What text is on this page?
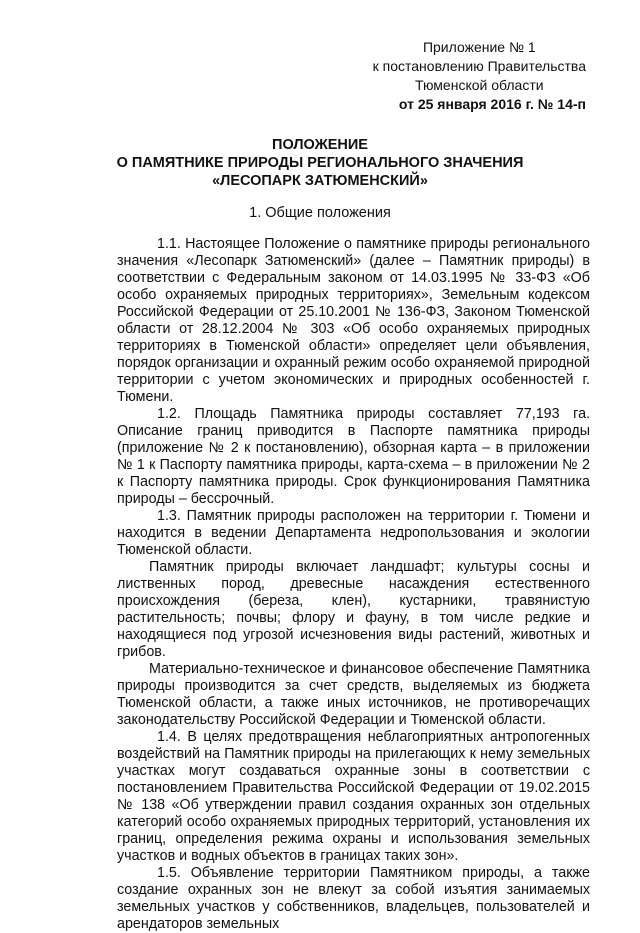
Приложение № 1
к постановлению Правительства
Тюменской области
от 25 января 2016 г. № 14-п
ПОЛОЖЕНИЕ
О ПАМЯТНИКЕ ПРИРОДЫ РЕГИОНАЛЬНОГО ЗНАЧЕНИЯ
«ЛЕСОПАРК ЗАТЮМЕНСКИЙ»
1. Общие положения

1.1. Настоящее Положение о памятнике природы регионального значения «Лесопарк Затюменский» (далее – Памятник природы) в соответствии с Федеральным законом от 14.03.1995 № 33-ФЗ «Об особо охраняемых природных территориях», Земельным кодексом Российской Федерации от 25.10.2001 № 136-ФЗ, Законом Тюменской области от 28.12.2004 № 303 «Об особо охраняемых природных территориях в Тюменской области» определяет цели объявления, порядок организации и охранный режим особо охраняемой природной территории с учетом экономических и природных особенностей г. Тюмени.

1.2. Площадь Памятника природы составляет 77,193 га. Описание границ приводится в Паспорте памятника природы (приложение № 2 к постановлению), обзорная карта – в приложении № 1 к Паспорту памятника природы, карта-схема – в приложении № 2 к Паспорту памятника природы. Срок функционирования Памятника природы – бессрочный.

1.3. Памятник природы расположен на территории г. Тюмени и находится в ведении Департамента недропользования и экологии Тюменской области.

Памятник природы включает ландшафт; культуры сосны и лиственных пород, древесные насаждения естественного происхождения (береза, клен), кустарники, травянистую растительность; почвы; флору и фауну, в том числе редкие и находящиеся под угрозой исчезновения виды растений, животных и грибов.

Материально-техническое и финансовое обеспечение Памятника природы производится за счет средств, выделяемых из бюджета Тюменской области, а также иных источников, не противоречащих законодательству Российской Федерации и Тюменской области.

1.4. В целях предотвращения неблагоприятных антропогенных воздействий на Памятник природы на прилегающих к нему земельных участках могут создаваться охранные зоны в соответствии с постановлением Правительства Российской Федерации от 19.02.2015 № 138 «Об утверждении правил создания охранных зон отдельных категорий особо охраняемых природных территорий, установления их границ, определения режима охраны и использования земельных участков и водных объектов в границах таких зон».

1.5. Объявление территории Памятником природы, а также создание охранных зон не влекут за собой изъятия занимаемых земельных участков у собственников, владельцев, пользователей и арендаторов земельных
